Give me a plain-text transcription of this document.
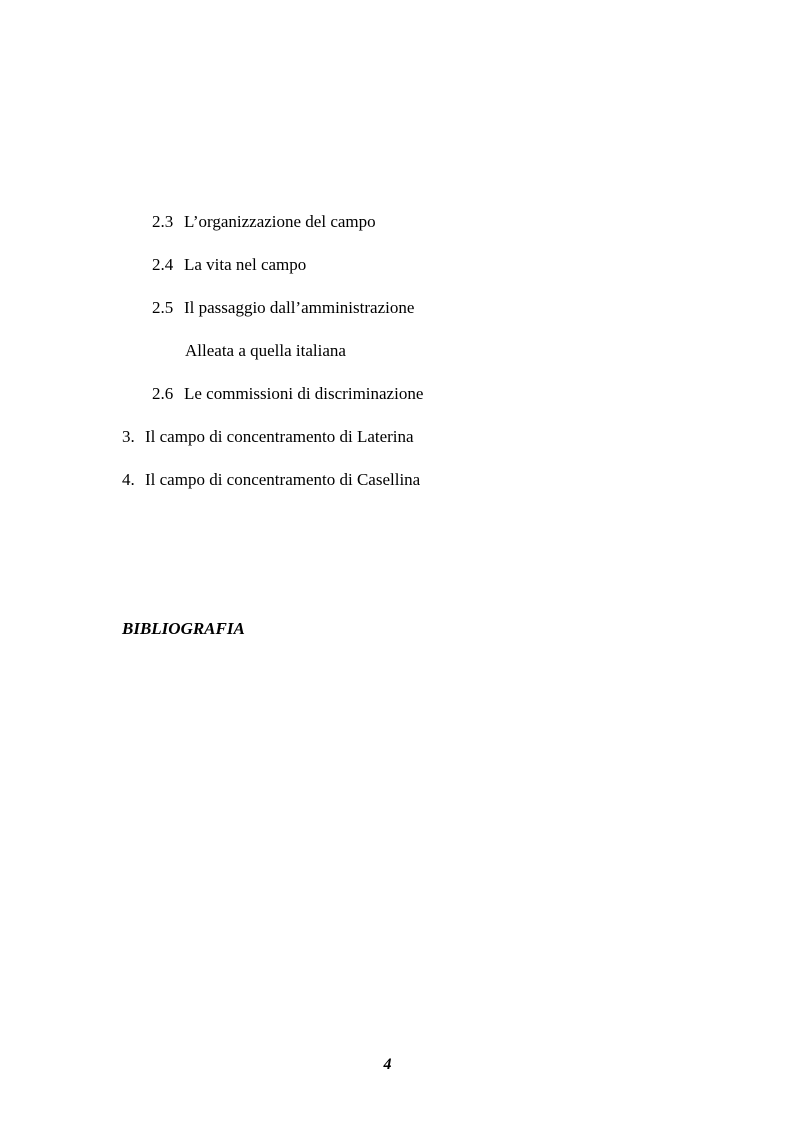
2.3 L’organizzazione del campo
2.4 La vita nel campo
2.5 Il passaggio dall’amministrazione
Alleata a quella italiana
2.6 Le commissioni di discriminazione
3. Il campo di concentramento di Laterina
4. Il campo di concentramento di Casellina
BIBLIOGRAFIA
4
